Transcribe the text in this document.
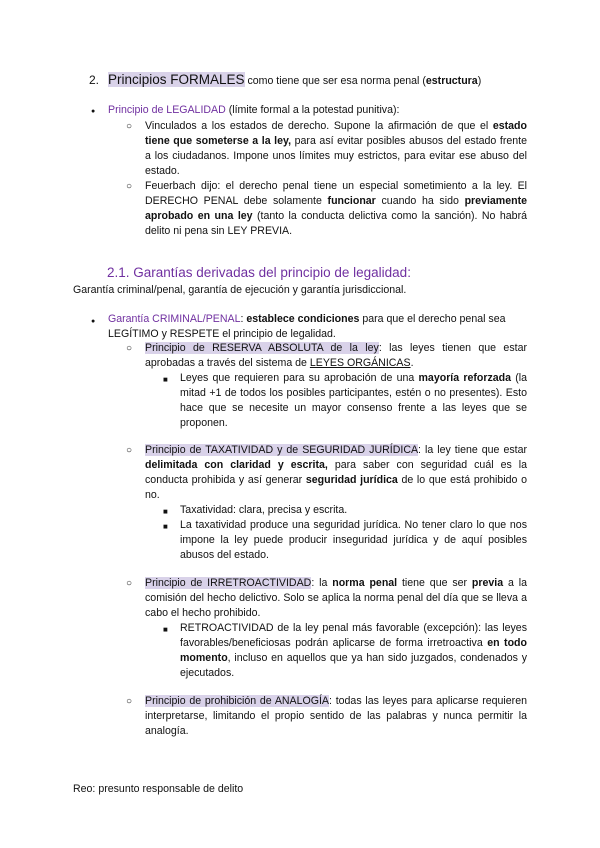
2. Principios FORMALES como tiene que ser esa norma penal (estructura)
● Principio de LEGALIDAD (límite formal a la potestad punitiva):
○ Vinculados a los estados de derecho. Supone la afirmación de que el estado tiene que someterse a la ley, para así evitar posibles abusos del estado frente a los ciudadanos. Impone unos límites muy estrictos, para evitar ese abuso del estado.
○ Feuerbach dijo: el derecho penal tiene un especial sometimiento a la ley. El DERECHO PENAL debe solamente funcionar cuando ha sido previamente aprobado en una ley (tanto la conducta delictiva como la sanción). No habrá delito ni pena sin LEY PREVIA.
2.1. Garantías derivadas del principio de legalidad:
Garantía criminal/penal, garantía de ejecución y garantía jurisdiccional.
● Garantía CRIMINAL/PENAL: establece condiciones para que el derecho penal sea LEGÍTIMO y RESPETE el principio de legalidad.
○ Principio de RESERVA ABSOLUTA de la ley: las leyes tienen que estar aprobadas a través del sistema de LEYES ORGÁNICAS.
■ Leyes que requieren para su aprobación de una mayoría reforzada (la mitad +1 de todos los posibles participantes, estén o no presentes). Esto hace que se necesite un mayor consenso frente a las leyes que se proponen.
○ Principio de TAXATIVIDAD y de SEGURIDAD JURÍDICA: la ley tiene que estar delimitada con claridad y escrita, para saber con seguridad cuál es la conducta prohibida y así generar seguridad jurídica de lo que está prohibido o no.
■ Taxatividad: clara, precisa y escrita.
■ La taxatividad produce una seguridad jurídica. No tener claro lo que nos impone la ley puede producir inseguridad jurídica y de aquí posibles abusos del estado.
○ Principio de IRRETROACTIVIDAD: la norma penal tiene que ser previa a la comisión del hecho delictivo. Solo se aplica la norma penal del día que se lleva a cabo el hecho prohibido.
■ RETROACTIVIDAD de la ley penal más favorable (excepción): las leyes favorables/beneficiosas podrán aplicarse de forma irretroactiva en todo momento, incluso en aquellos que ya han sido juzgados, condenados y ejecutados.
○ Principio de prohibición de ANALOGÍA: todas las leyes para aplicarse requieren interpretarse, limitando el propio sentido de las palabras y nunca permitir la analogía.
Reo: presunto responsable de delito
